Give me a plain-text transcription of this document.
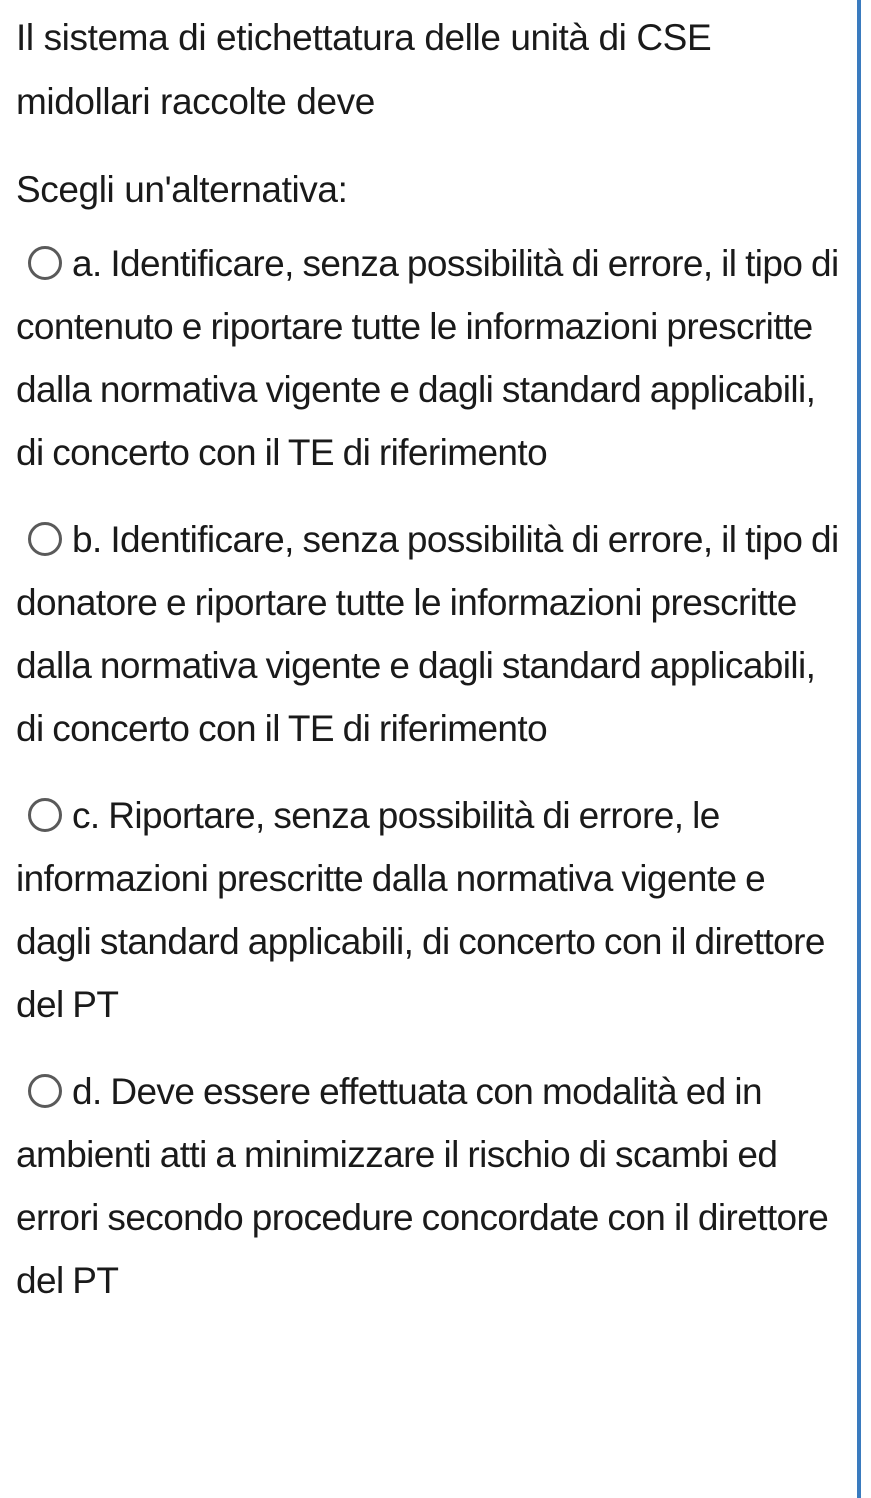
Il sistema di etichettatura delle unità di CSE midollari raccolte deve

Scegli un'alternativa:

a. Identificare, senza possibilità di errore, il tipo di contenuto e riportare tutte le informazioni prescritte dalla normativa vigente e dagli standard applicabili, di concerto con il TE di riferimento
b. Identificare, senza possibilità di errore, il tipo di donatore e riportare tutte le informazioni prescritte dalla normativa vigente e dagli standard applicabili, di concerto con il TE di riferimento
c. Riportare, senza possibilità di errore, le informazioni prescritte dalla normativa vigente e dagli standard applicabili, di concerto con il direttore del PT
d. Deve essere effettuata con modalità ed in ambienti atti a minimizzare il rischio di scambi ed errori secondo procedure concordate con il direttore del PT
